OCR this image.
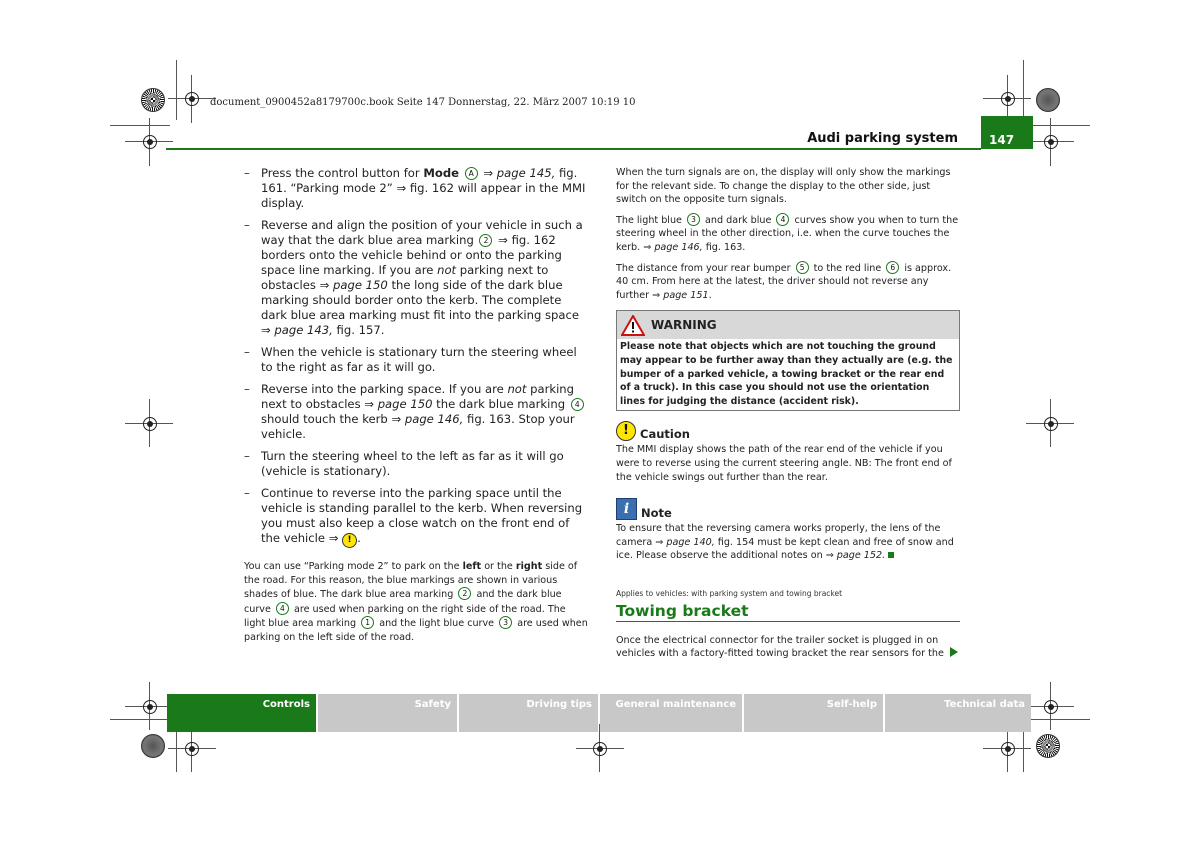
document_0900452a8179700c.book Seite 147 Donnerstag, 22. März 2007 10:19 10
Audi parking system	147
– Press the control button for Mode A ⇒ page 145, fig. 161. “Parking mode 2” ⇒ fig. 162 will appear in the MMI display.
– Reverse and align the position of your vehicle in such a way that the dark blue area marking 2 ⇒ fig. 162 borders onto the vehicle behind or onto the parking space line marking. If you are not parking next to obstacles ⇒ page 150 the long side of the dark blue marking should border onto the kerb. The complete dark blue area marking must fit into the parking space ⇒ page 143, fig. 157.
– When the vehicle is stationary turn the steering wheel to the right as far as it will go.
– Reverse into the parking space. If you are not parking next to obstacles ⇒ page 150 the dark blue marking 4 should touch the kerb ⇒ page 146, fig. 163. Stop your vehicle.
– Turn the steering wheel to the left as far as it will go (vehicle is stationary).
– Continue to reverse into the parking space until the vehicle is standing parallel to the kerb. When reversing you must also keep a close watch on the front end of the vehicle ⇒ ! .

You can use “Parking mode 2” to park on the left or the right side of the road. For this reason, the blue markings are shown in various shades of blue. The dark blue area marking 2 and the dark blue curve 4 are used when parking on the right side of the road. The light blue area marking 1 and the light blue curve 3 are used when parking on the left side of the road.

When the turn signals are on, the display will only show the markings for the relevant side. To change the display to the other side, just switch on the opposite turn signals.

The light blue 3 and dark blue 4 curves show you when to turn the steering wheel in the other direction, i.e. when the curve touches the kerb. ⇒ page 146, fig. 163.

The distance from your rear bumper 5 to the red line 6 is approx. 40 cm. From here at the latest, the driver should not reverse any further ⇒ page 151.

WARNING

Please note that objects which are not touching the ground may appear to be further away than they actually are (e.g. the bumper of a parked vehicle, a towing bracket or the rear end of a truck). In this case you should not use the orientation lines for judging the distance (accident risk).

! Caution

The MMI display shows the path of the rear end of the vehicle if you were to reverse using the current steering angle. NB: The front end of the vehicle swings out further than the rear.

i	Note

To ensure that the reversing camera works properly, the lens of the camera ⇒ page 140, fig. 154 must be kept clean and free of snow and ice. Please observe the additional notes on ⇒ page 152.

Applies to vehicles: with parking system and towing bracket
Towing bracket

Once the electrical connector for the trailer socket is plugged in on vehicles with a factory-fitted towing bracket the rear sensors for the

Controls	Safety	Driving tips	General maintenance	Self-help	Technical data
